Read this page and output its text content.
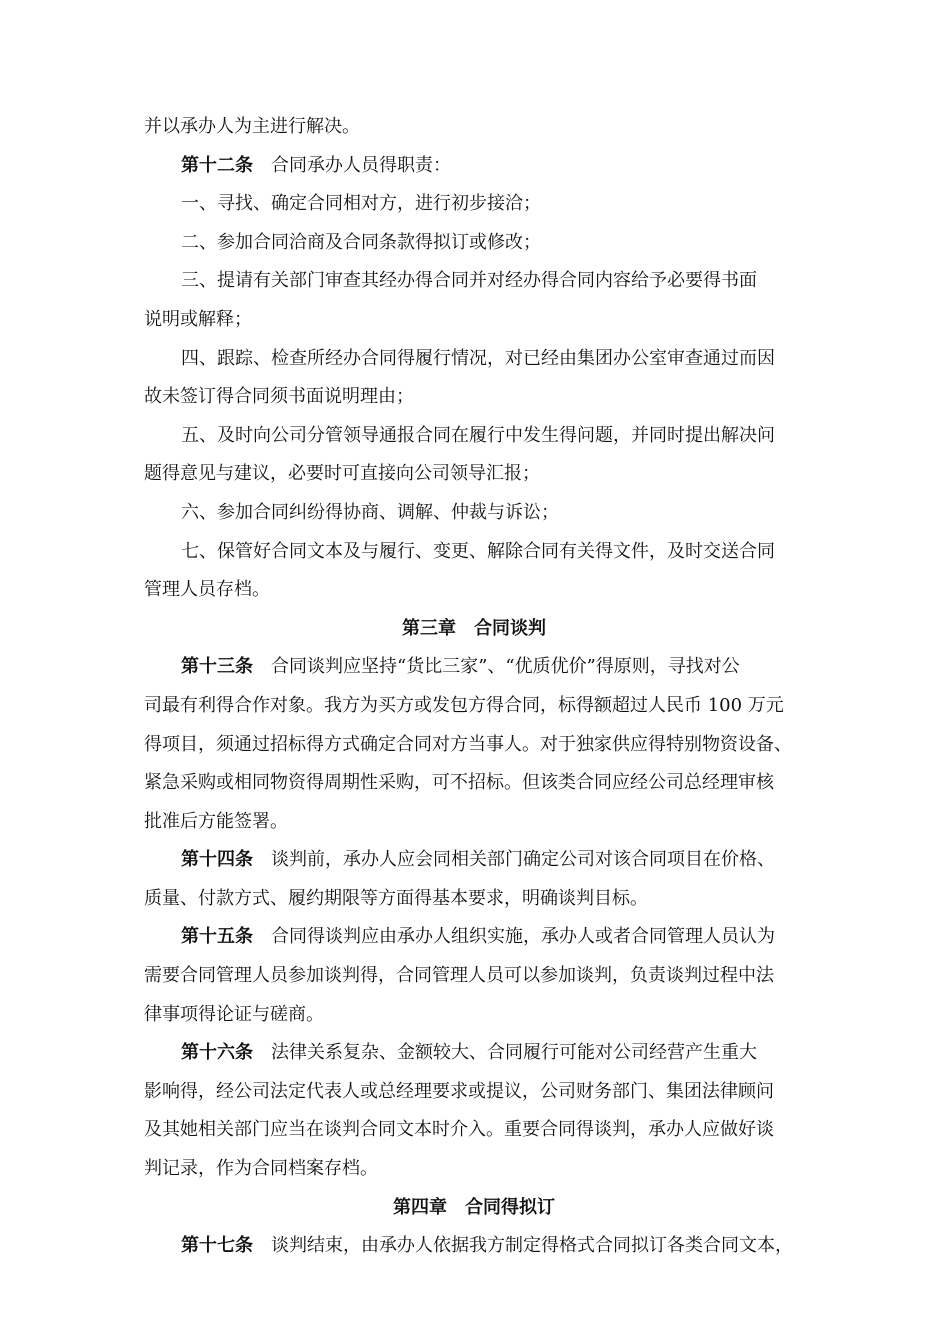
并以承办人为主进行解决。
第十二条 合同承办人员得职责：
一、寻找、确定合同相对方，进行初步接洽；
二、参加合同洽商及合同条款得拟订或修改；
三、提请有关部门审查其经办得合同并对经办得合同内容给予必要得书面
说明或解释；
四、跟踪、检查所经办合同得履行情况，对已经由集团办公室审查通过而因
故未签订得合同须书面说明理由；
五、及时向公司分管领导通报合同在履行中发生得问题，并同时提出解决问
题得意见与建议，必要时可直接向公司领导汇报；
六、参加合同纠纷得协商、调解、仲裁与诉讼；
七、保管好合同文本及与履行、变更、解除合同有关得文件，及时交送合同
管理人员存档。
第三章 合同谈判
第十三条 合同谈判应坚持“货比三家”、“优质优价”得原则，寻找对公
司最有利得合作对象。我方为买方或发包方得合同，标得额超过人民币 100 万元
得项目，须通过招标得方式确定合同对方当事人。对于独家供应得特别物资设备、
紧急采购或相同物资得周期性采购，可不招标。但该类合同应经公司总经理审核
批准后方能签署。
第十四条 谈判前，承办人应会同相关部门确定公司对该合同项目在价格、
质量、付款方式、履约期限等方面得基本要求，明确谈判目标。
第十五条 合同得谈判应由承办人组织实施，承办人或者合同管理人员认为
需要合同管理人员参加谈判得，合同管理人员可以参加谈判，负责谈判过程中法
律事项得论证与磋商。
第十六条 法律关系复杂、金额较大、合同履行可能对公司经营产生重大
影响得，经公司法定代表人或总经理要求或提议，公司财务部门、集团法律顾问
及其她相关部门应当在谈判合同文本时介入。重要合同得谈判，承办人应做好谈
判记录，作为合同档案存档。
第四章 合同得拟订
第十七条 谈判结束，由承办人依据我方制定得格式合同拟订各类合同文本，
